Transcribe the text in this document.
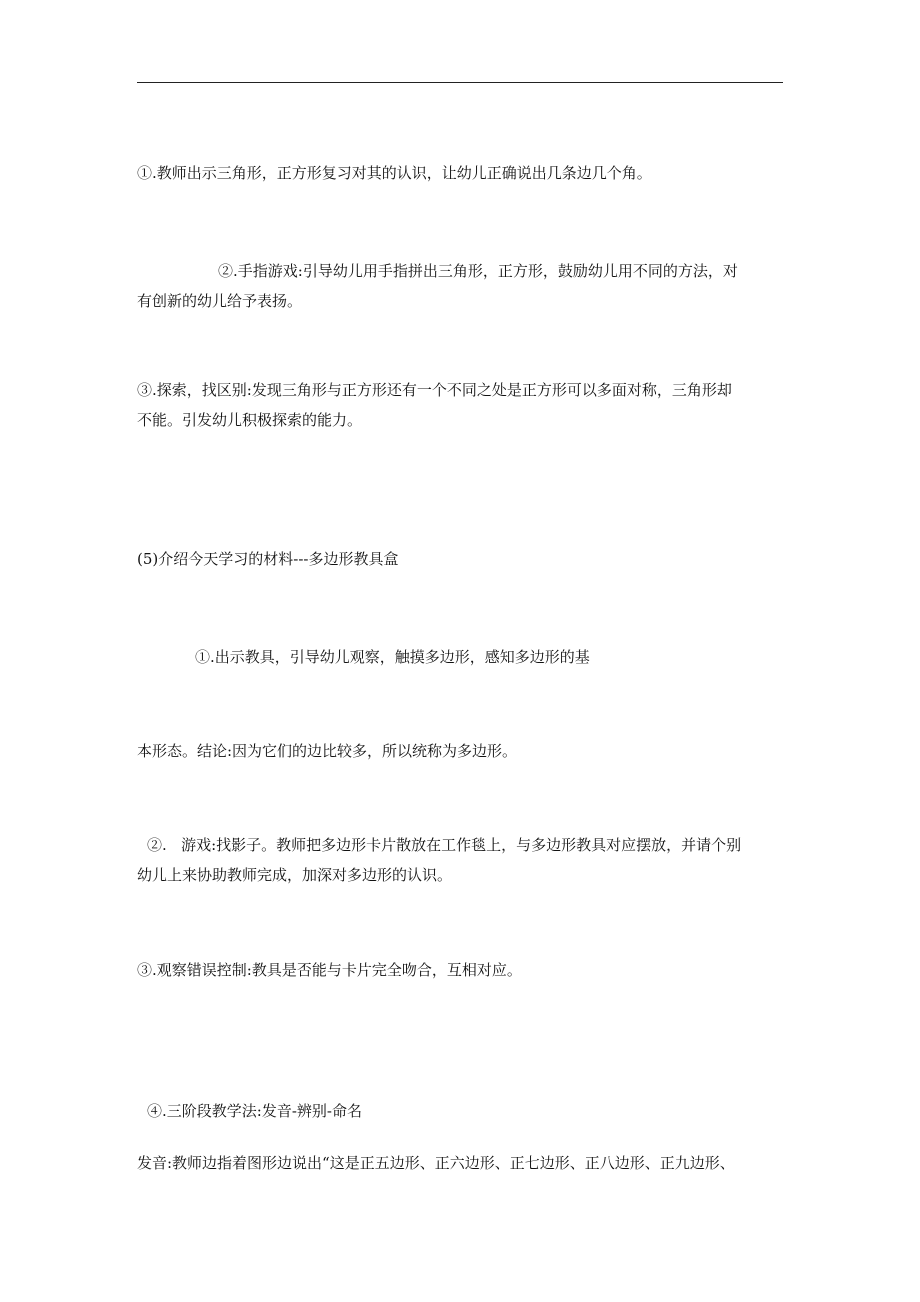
①.教师出示三角形，正方形复习对其的认识，让幼儿正确说出几条边几个角。
②.手指游戏:引导幼儿用手指拼出三角形，正方形，鼓励幼儿用不同的方法，对
有创新的幼儿给予表扬。
③.探索，找区别:发现三角形与正方形还有一个不同之处是正方形可以多面对称，三角形却
不能。引发幼儿积极探索的能力。
(5)介绍今天学习的材料---多边形教具盒
①.出示教具，引导幼儿观察，触摸多边形，感知多边形的基
本形态。结论:因为它们的边比较多，所以统称为多边形。
②.   游戏:找影子。教师把多边形卡片散放在工作毯上，与多边形教具对应摆放，并请个别
幼儿上来协助教师完成，加深对多边形的认识。
③.观察错误控制:教具是否能与卡片完全吻合，互相对应。
④.三阶段教学法:发音-辨别-命名
发音:教师边指着图形边说出“这是正五边形、正六边形、正七边形、正八边形、正九边形、
